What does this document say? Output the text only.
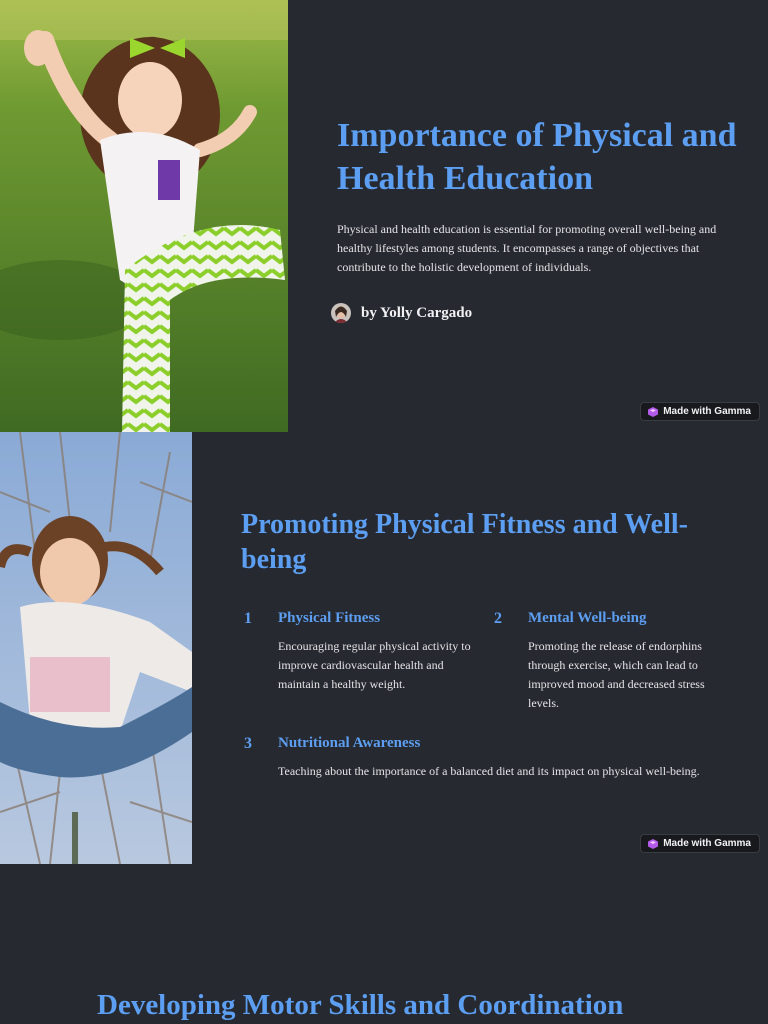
Importance of Physical and Health Education

Physical and health education is essential for promoting overall well-being and healthy lifestyles among students. It encompasses a range of objectives that contribute to the holistic development of individuals.

by Yolly Cargado
Made with Gamma
Made with Gamma
Promoting Physical Fitness and Well-being
1 Physical Fitness

Encouraging regular physical activity to improve cardiovascular health and maintain a healthy weight.

2 Mental Well-being

Promoting the release of endorphins through exercise, which can lead to improved mood and decreased stress levels.

3 Nutritional Awareness

Teaching about the importance of a balanced diet and its impact on physical well-being.

Developing Motor Skills and Coordination
